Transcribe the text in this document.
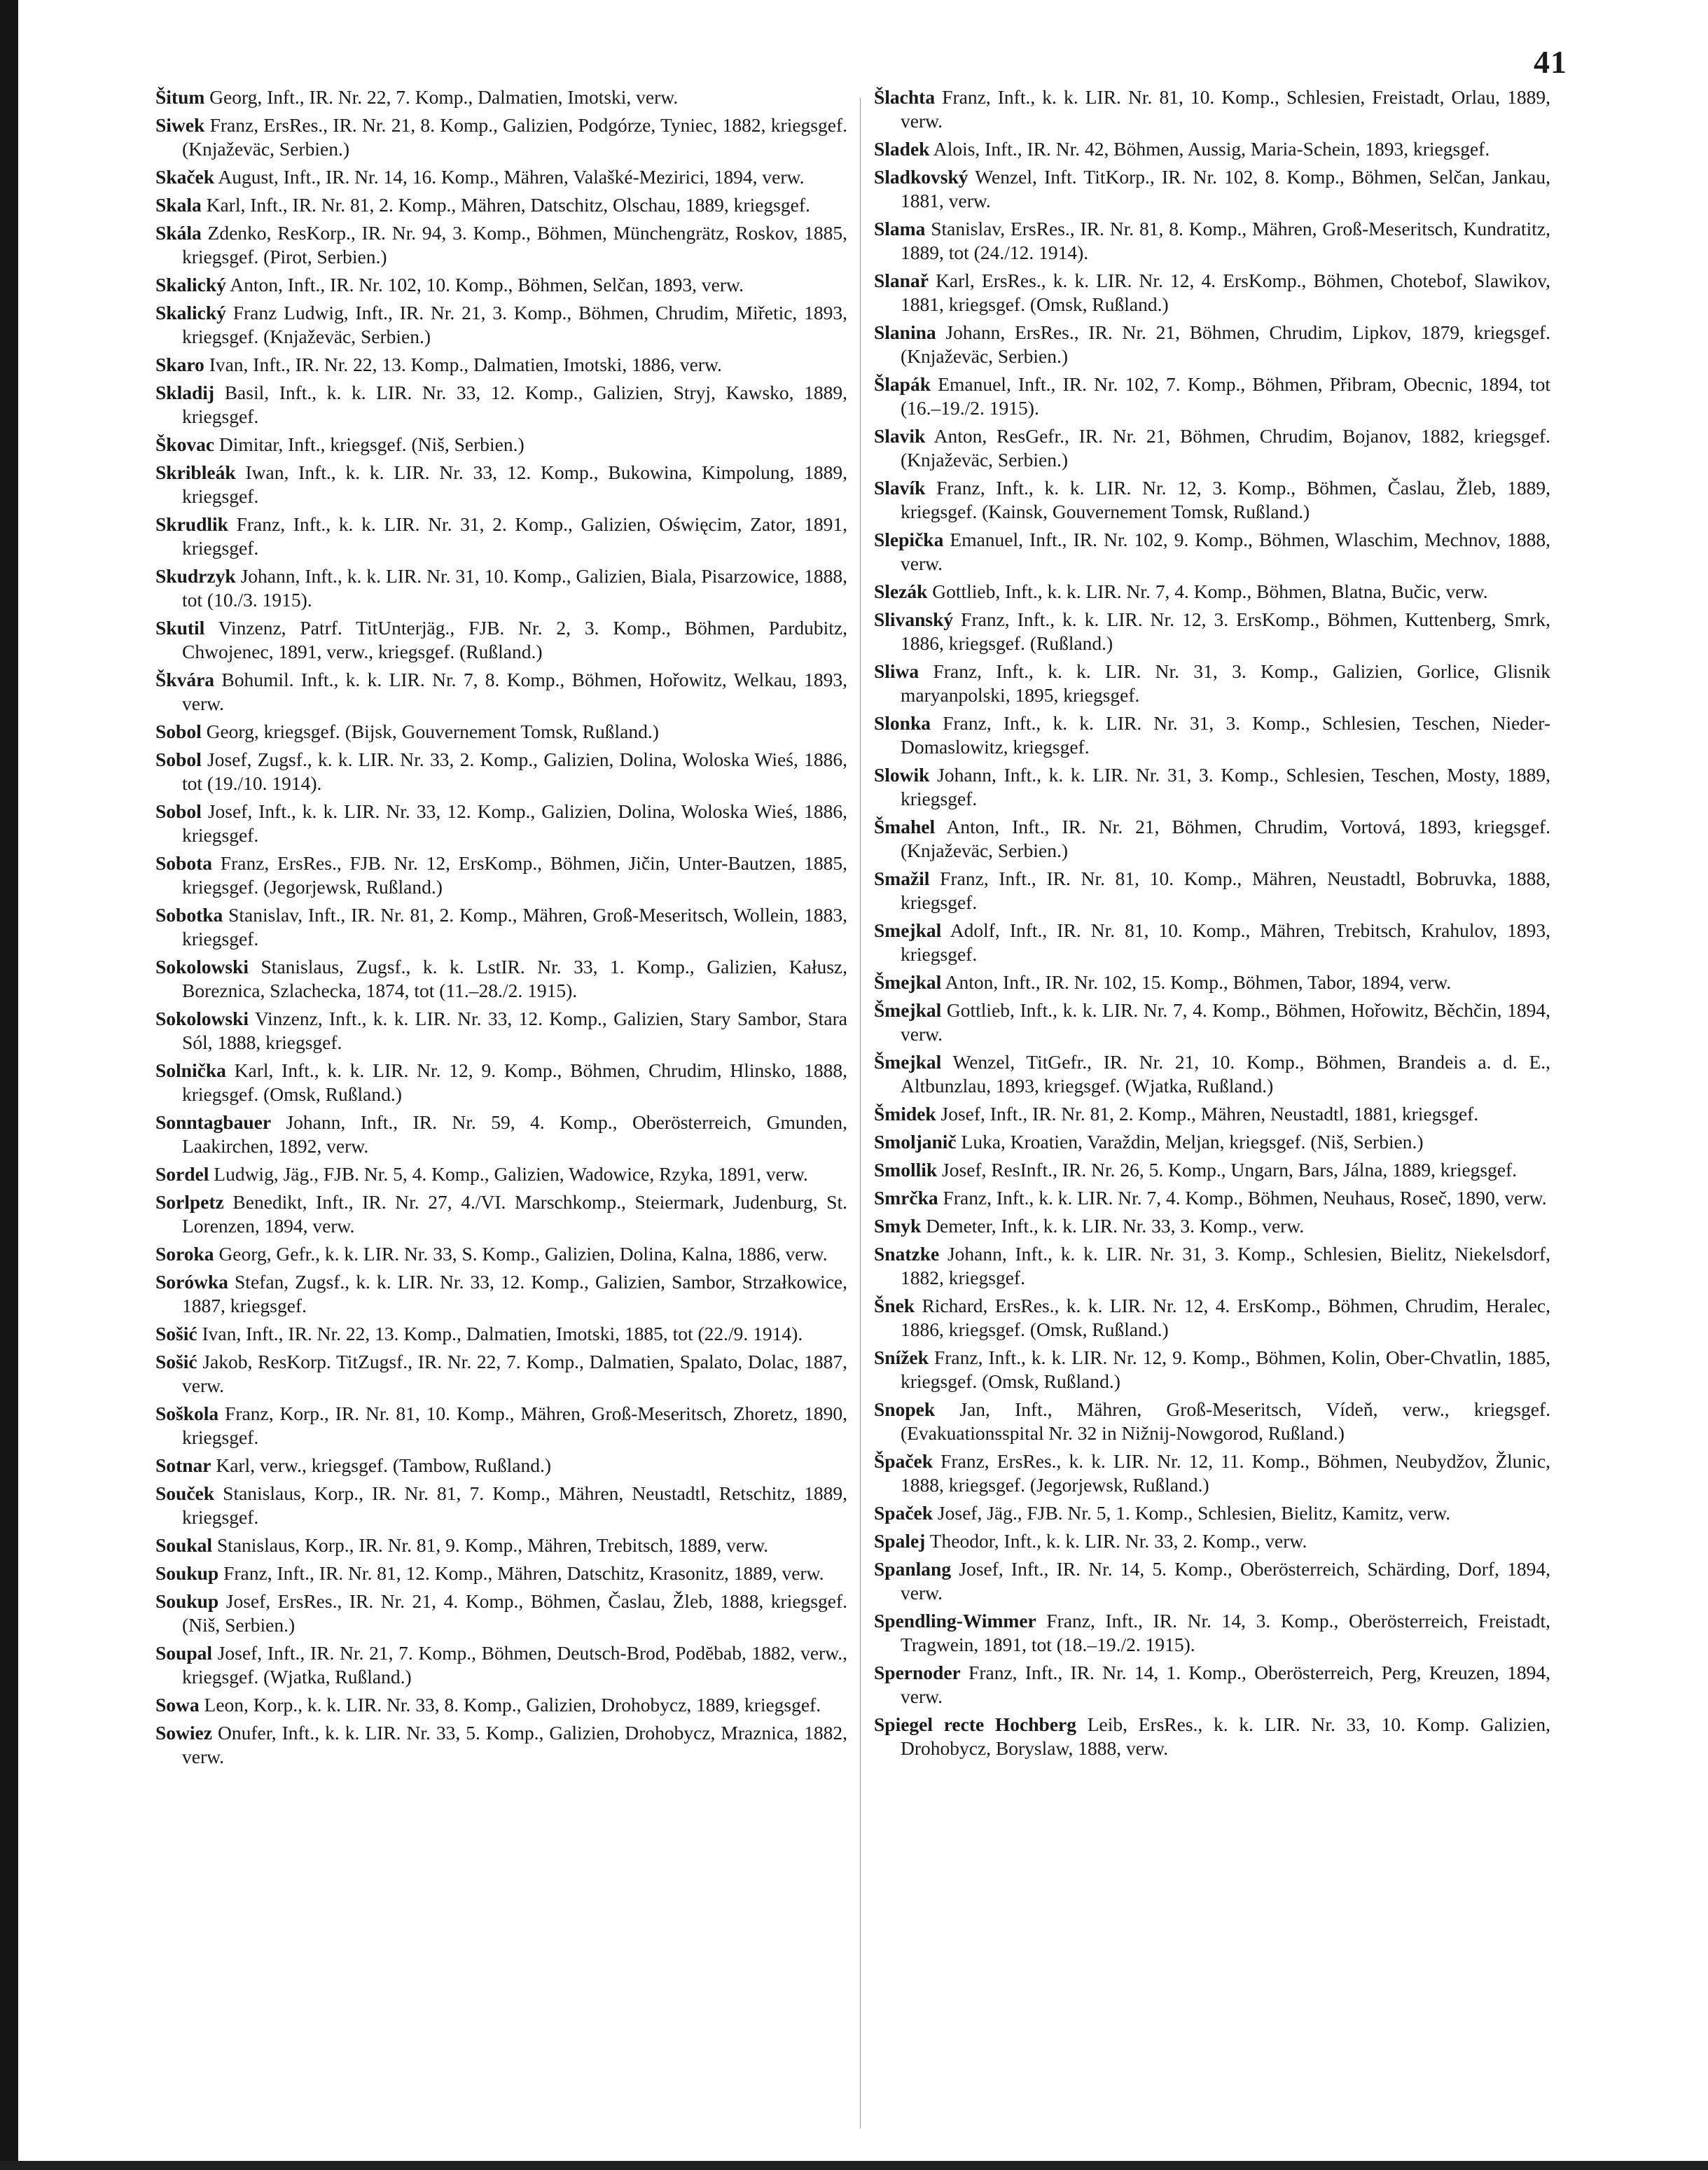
41
Šitum Georg, Inft., IR. Nr. 22, 7. Komp., Dalmatien, Imotski, verw.
Siwek Franz, ErsRes., IR. Nr. 21, 8. Komp., Galizien, Podgórze, Tyniec, 1882, kriegsgef. (Knjaževäc, Serbien.)
Skaček August, Inft., IR. Nr. 14, 16. Komp., Mähren, Valašké-Mezirici, 1894, verw.
Skala Karl, Inft., IR. Nr. 81, 2. Komp., Mähren, Datschitz, Olschau, 1889, kriegsgef.
Skála Zdenko, ResKorp., IR. Nr. 94, 3. Komp., Böhmen, Münchengrätz, Roskov, 1885, kriegsgef. (Pirot, Serbien.)
Skalický Anton, Inft., IR. Nr. 102, 10. Komp., Böhmen, Selčan, 1893, verw.
Skalický Franz Ludwig, Inft., IR. Nr. 21, 3. Komp., Böhmen, Chrudim, Miřetic, 1893, kriegsgef. (Knjaževäc, Serbien.)
Skaro Ivan, Inft., IR. Nr. 22, 13. Komp., Dalmatien, Imotski, 1886, verw.
Skladij Basil, Inft., k. k. LIR. Nr. 33, 12. Komp., Galizien, Stryj, Kawsko, 1889, kriegsgef.
Škovac Dimitar, Inft., kriegsgef. (Niš, Serbien.)
Skribleák Iwan, Inft., k. k. LIR. Nr. 33, 12. Komp., Bukowina, Kimpolung, 1889, kriegsgef.
Skrudlik Franz, Inft., k. k. LIR. Nr. 31, 2. Komp., Galizien, Oświęcim, Zator, 1891, kriegsgef.
Skudrzyk Johann, Inft., k. k. LIR. Nr. 31, 10. Komp., Galizien, Biala, Pisarzowice, 1888, tot (10./3. 1915).
Skutil Vinzenz, Patrf. TitUnterjäg., FJB. Nr. 2, 3. Komp., Böhmen, Pardubitz, Chwojenec, 1891, verw., kriegsgef. (Rußland.)
Škvára Bohumil. Inft., k. k. LIR. Nr. 7, 8. Komp., Böhmen, Hořowitz, Welkau, 1893, verw.
Sobol Georg, kriegsgef. (Bijsk, Gouvernement Tomsk, Rußland.)
Sobol Josef, Zugsf., k. k. LIR. Nr. 33, 2. Komp., Galizien, Dolina, Woloska Wieś, 1886, tot (19./10. 1914).
Sobol Josef, Inft., k. k. LIR. Nr. 33, 12. Komp., Galizien, Dolina, Woloska Wieś, 1886, kriegsgef.
Sobota Franz, ErsRes., FJB. Nr. 12, ErsKomp., Böhmen, Jičin, Unter-Bautzen, 1885, kriegsgef. (Jegorjewsk, Rußland.)
Sobotka Stanislav, Inft., IR. Nr. 81, 2. Komp., Mähren, Groß-Meseritsch, Wollein, 1883, kriegsgef.
Sokolowski Stanislaus, Zugsf., k. k. LstIR. Nr. 33, 1. Komp., Galizien, Kałusz, Boreznica, Szlachecka, 1874, tot (11.–28./2. 1915).
Sokolowski Vinzenz, Inft., k. k. LIR. Nr. 33, 12. Komp., Galizien, Stary Sambor, Stara Sól, 1888, kriegsgef.
Solnička Karl, Inft., k. k. LIR. Nr. 12, 9. Komp., Böhmen, Chrudim, Hlinsko, 1888, kriegsgef. (Omsk, Rußland.)
Sonntagbauer Johann, Inft., IR. Nr. 59, 4. Komp., Oberösterreich, Gmunden, Laakirchen, 1892, verw.
Sordel Ludwig, Jäg., FJB. Nr. 5, 4. Komp., Galizien, Wadowice, Rzyka, 1891, verw.
Sorlpetz Benedikt, Inft., IR. Nr. 27, 4./VI. Marschkomp., Steiermark, Judenburg, St. Lorenzen, 1894, verw.
Soroka Georg, Gefr., k. k. LIR. Nr. 33, S. Komp., Galizien, Dolina, Kalna, 1886, verw.
Sorówka Stefan, Zugsf., k. k. LIR. Nr. 33, 12. Komp., Galizien, Sambor, Strzałkowice, 1887, kriegsgef.
Sošić Ivan, Inft., IR. Nr. 22, 13. Komp., Dalmatien, Imotski, 1885, tot (22./9. 1914).
Sošić Jakob, ResKorp. TitZugsf., IR. Nr. 22, 7. Komp., Dalmatien, Spalato, Dolac, 1887, verw.
Soškola Franz, Korp., IR. Nr. 81, 10. Komp., Mähren, Groß-Meseritsch, Zhoretz, 1890, kriegsgef.
Sotnar Karl, verw., kriegsgef. (Tambow, Rußland.)
Souček Stanislaus, Korp., IR. Nr. 81, 7. Komp., Mähren, Neustadtl, Retschitz, 1889, kriegsgef.
Soukal Stanislaus, Korp., IR. Nr. 81, 9. Komp., Mähren, Trebitsch, 1889, verw.
Soukup Franz, Inft., IR. Nr. 81, 12. Komp., Mähren, Datschitz, Krasonitz, 1889, verw.
Soukup Josef, ErsRes., IR. Nr. 21, 4. Komp., Böhmen, Časlau, Žleb, 1888, kriegsgef. (Niš, Serbien.)
Soupal Josef, Inft., IR. Nr. 21, 7. Komp., Böhmen, Deutsch-Brod, Podĕbab, 1882, verw., kriegsgef. (Wjatka, Rußland.)
Sowa Leon, Korp., k. k. LIR. Nr. 33, 8. Komp., Galizien, Drohobycz, 1889, kriegsgef.
Sowiez Onufer, Inft., k. k. LIR. Nr. 33, 5. Komp., Galizien, Drohobycz, Mraznica, 1882, verw.
Šlachta Franz, Inft., k. k. LIR. Nr. 81, 10. Komp., Schlesien, Freistadt, Orlau, 1889, verw.
Sladek Alois, Inft., IR. Nr. 42, Böhmen, Aussig, Maria-Schein, 1893, kriegsgef.
Sladkovský Wenzel, Inft. TitKorp., IR. Nr. 102, 8. Komp., Böhmen, Selčan, Jankau, 1881, verw.
Slama Stanislav, ErsRes., IR. Nr. 81, 8. Komp., Mähren, Groß-Meseritsch, Kundratitz, 1889, tot (24./12. 1914).
Slanař Karl, ErsRes., k. k. LIR. Nr. 12, 4. ErsKomp., Böhmen, Chotebof, Slawikov, 1881, kriegsgef. (Omsk, Rußland.)
Slanina Johann, ErsRes., IR. Nr. 21, Böhmen, Chrudim, Lipkov, 1879, kriegsgef. (Knjaževäc, Serbien.)
Šlapák Emanuel, Inft., IR. Nr. 102, 7. Komp., Böhmen, Přibram, Obecnic, 1894, tot (16.–19./2. 1915).
Slavik Anton, ResGefr., IR. Nr. 21, Böhmen, Chrudim, Bojanov, 1882, kriegsgef. (Knjaževäc, Serbien.)
Slavík Franz, Inft., k. k. LIR. Nr. 12, 3. Komp., Böhmen, Časlau, Žleb, 1889, kriegsgef. (Kainsk, Gouvernement Tomsk, Rußland.)
Slepička Emanuel, Inft., IR. Nr. 102, 9. Komp., Böhmen, Wlaschim, Mechnov, 1888, verw.
Slezák Gottlieb, Inft., k. k. LIR. Nr. 7, 4. Komp., Böhmen, Blatna, Bučic, verw.
Slivanský Franz, Inft., k. k. LIR. Nr. 12, 3. ErsKomp., Böhmen, Kuttenberg, Smrk, 1886, kriegsgef. (Rußland.)
Sliwa Franz, Inft., k. k. LIR. Nr. 31, 3. Komp., Galizien, Gorlice, Glisnik maryanpolski, 1895, kriegsgef.
Slonka Franz, Inft., k. k. LIR. Nr. 31, 3. Komp., Schlesien, Teschen, Nieder-Domaslowitz, kriegsgef.
Slowik Johann, Inft., k. k. LIR. Nr. 31, 3. Komp., Schlesien, Teschen, Mosty, 1889, kriegsgef.
Šmahel Anton, Inft., IR. Nr. 21, Böhmen, Chrudim, Vortová, 1893, kriegsgef. (Knjaževäc, Serbien.)
Smažil Franz, Inft., IR. Nr. 81, 10. Komp., Mähren, Neustadtl, Bobruvka, 1888, kriegsgef.
Smejkal Adolf, Inft., IR. Nr. 81, 10. Komp., Mähren, Trebitsch, Krahulov, 1893, kriegsgef.
Šmejkal Anton, Inft., IR. Nr. 102, 15. Komp., Böhmen, Tabor, 1894, verw.
Šmejkal Gottlieb, Inft., k. k. LIR. Nr. 7, 4. Komp., Böhmen, Hořowitz, Běchčin, 1894, verw.
Šmejkal Wenzel, TitGefr., IR. Nr. 21, 10. Komp., Böhmen, Brandeis a. d. E., Altbunzlau, 1893, kriegsgef. (Wjatka, Rußland.)
Šmidek Josef, Inft., IR. Nr. 81, 2. Komp., Mähren, Neustadtl, 1881, kriegsgef.
Smoljanič Luka, Kroatien, Varaždin, Meljan, kriegsgef. (Niš, Serbien.)
Smollik Josef, ResInft., IR. Nr. 26, 5. Komp., Ungarn, Bars, Jálna, 1889, kriegsgef.
Smrčka Franz, Inft., k. k. LIR. Nr. 7, 4. Komp., Böhmen, Neuhaus, Roseč, 1890, verw.
Smyk Demeter, Inft., k. k. LIR. Nr. 33, 3. Komp., verw.
Snatzke Johann, Inft., k. k. LIR. Nr. 31, 3. Komp., Schlesien, Bielitz, Niekelsdorf, 1882, kriegsgef.
Šnek Richard, ErsRes., k. k. LIR. Nr. 12, 4. ErsKomp., Böhmen, Chrudim, Heralec, 1886, kriegsgef. (Omsk, Rußland.)
Snížek Franz, Inft., k. k. LIR. Nr. 12, 9. Komp., Böhmen, Kolin, Ober-Chvatlin, 1885, kriegsgef. (Omsk, Rußland.)
Snopek Jan, Inft., Mähren, Groß-Meseritsch, Vídeň, verw., kriegsgef. (Evakuationsspital Nr. 32 in Nižnij-Nowgorod, Rußland.)
Špaček Franz, ErsRes., k. k. LIR. Nr. 12, 11. Komp., Böhmen, Neubydžov, Žlunic, 1888, kriegsgef. (Jegorjewsk, Rußland.)
Spaček Josef, Jäg., FJB. Nr. 5, 1. Komp., Schlesien, Bielitz, Kamitz, verw.
Spalej Theodor, Inft., k. k. LIR. Nr. 33, 2. Komp., verw.
Spanlang Josef, Inft., IR. Nr. 14, 5. Komp., Oberösterreich, Schärding, Dorf, 1894, verw.
Spendling-Wimmer Franz, Inft., IR. Nr. 14, 3. Komp., Oberösterreich, Freistadt, Tragwein, 1891, tot (18.–19./2. 1915).
Spernoder Franz, Inft., IR. Nr. 14, 1. Komp., Oberösterreich, Perg, Kreuzen, 1894, verw.
Spiegel recte Hochberg Leib, ErsRes., k. k. LIR. Nr. 33, 10. Komp. Galizien, Drohobycz, Boryslaw, 1888, verw.
